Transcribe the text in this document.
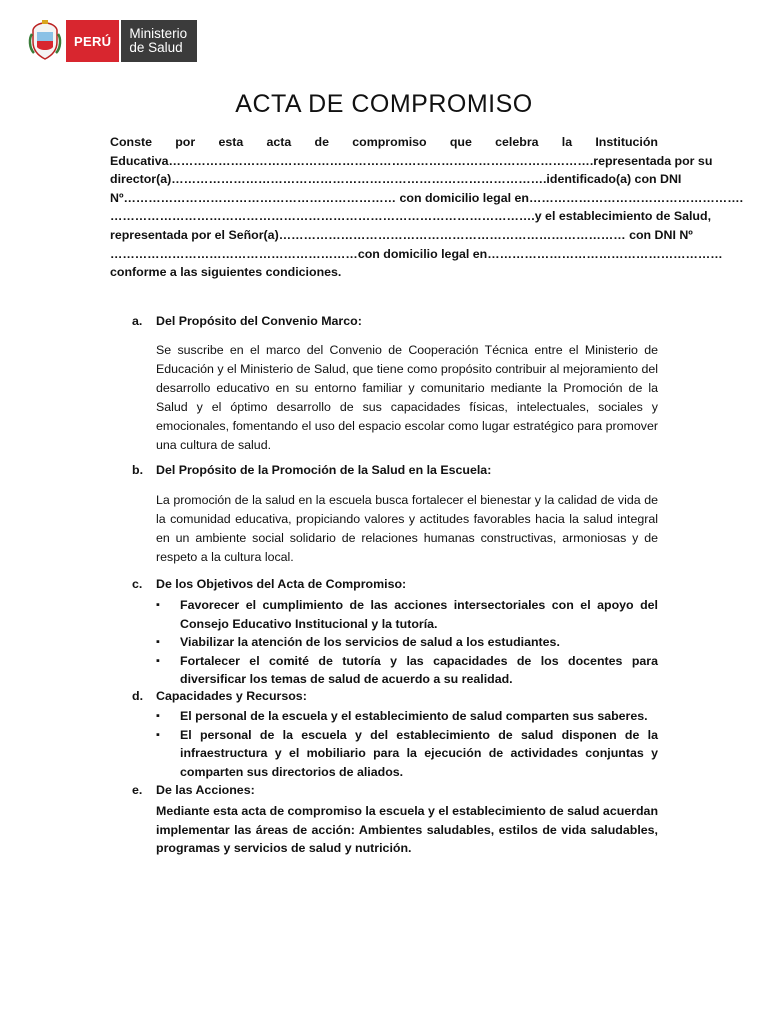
PERÚ	Ministerio
de Salud
ACTA DE COMPROMISO

Conste por esta acta de compromiso que celebra la Institución
Educativa………………………………………………………………………………………….representada por su
director(a)……………………………………………………………………………….identificado(a) con DNI
Nº………………………………………………………… con domicilio legal en…………………………………………….
………………………………………………………………………………………….y el establecimiento de Salud,
representada por el Señor(a)………………………………………………………………………… con DNI Nº
……………………………………………………con domicilio legal en…………………………………………………
conforme a las siguientes condiciones.

a. Del Propósito del Convenio Marco:

Se suscribe en el marco del Convenio de Cooperación Técnica entre el Ministerio de Educación y el Ministerio de Salud, que tiene como propósito contribuir al mejoramiento del desarrollo educativo en su entorno familiar y comunitario mediante la Promoción de la Salud y el óptimo desarrollo de sus capacidades físicas, intelectuales, sociales y emocionales, fomentando el uso del espacio escolar como lugar estratégico para promover una cultura de salud.

b. Del Propósito de la Promoción de la Salud en la Escuela:

La promoción de la salud en la escuela busca fortalecer el bienestar y la calidad de vida de la comunidad educativa, propiciando valores y actitudes favorables hacia la salud integral en un ambiente social solidario de relaciones humanas constructivas, armoniosas y de respeto a la cultura local.

c. De los Objetivos del Acta de Compromiso:
▪ Favorecer el cumplimiento de las acciones intersectoriales con el apoyo del Consejo Educativo Institucional y la tutoría.
▪ Viabilizar la atención de los servicios de salud a los estudiantes.
▪ Fortalecer el comité de tutoría y las capacidades de los docentes para diversificar los temas de salud de acuerdo a su realidad.
d. Capacidades y Recursos:
▪ El personal de la escuela y el establecimiento de salud comparten sus saberes.
▪ El personal de la escuela y del establecimiento de salud disponen de la infraestructura y el mobiliario para la ejecución de actividades conjuntas y comparten sus directorios de aliados.
e. De las Acciones:

Mediante esta acta de compromiso la escuela y el establecimiento de salud acuerdan implementar las áreas de acción: Ambientes saludables, estilos de vida saludables, programas y servicios de salud y nutrición.
